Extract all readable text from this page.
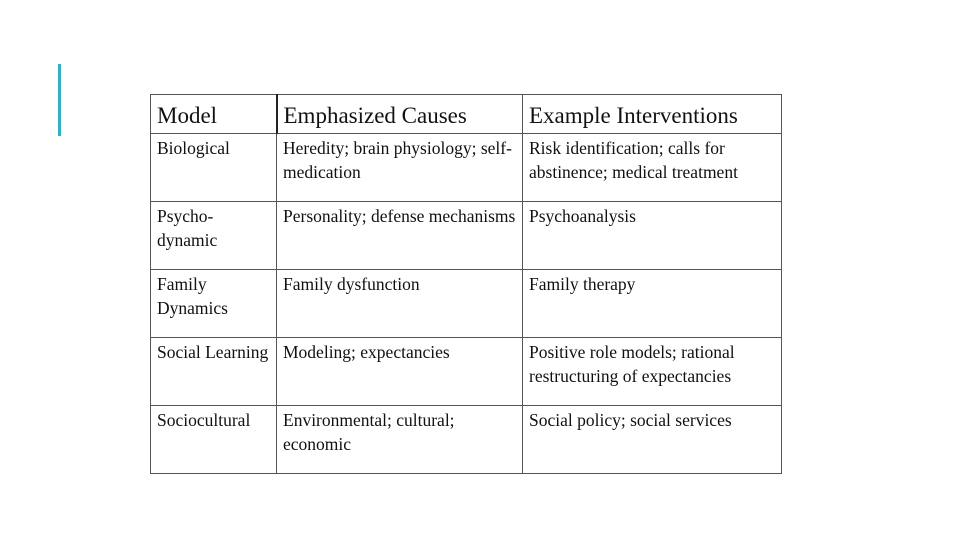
Model	Emphasized Causes	Example Interventions
Biological	Heredity; brain physiology; self-medication	Risk identification; calls for abstinence; medical treatment
Psycho-dynamic	Personality; defense mechanisms	Psychoanalysis
Family Dynamics	Family dysfunction	Family therapy
Social Learning	Modeling; expectancies	Positive role models; rational restructuring of expectancies
Sociocultural	Environmental; cultural; economic	Social policy; social services
